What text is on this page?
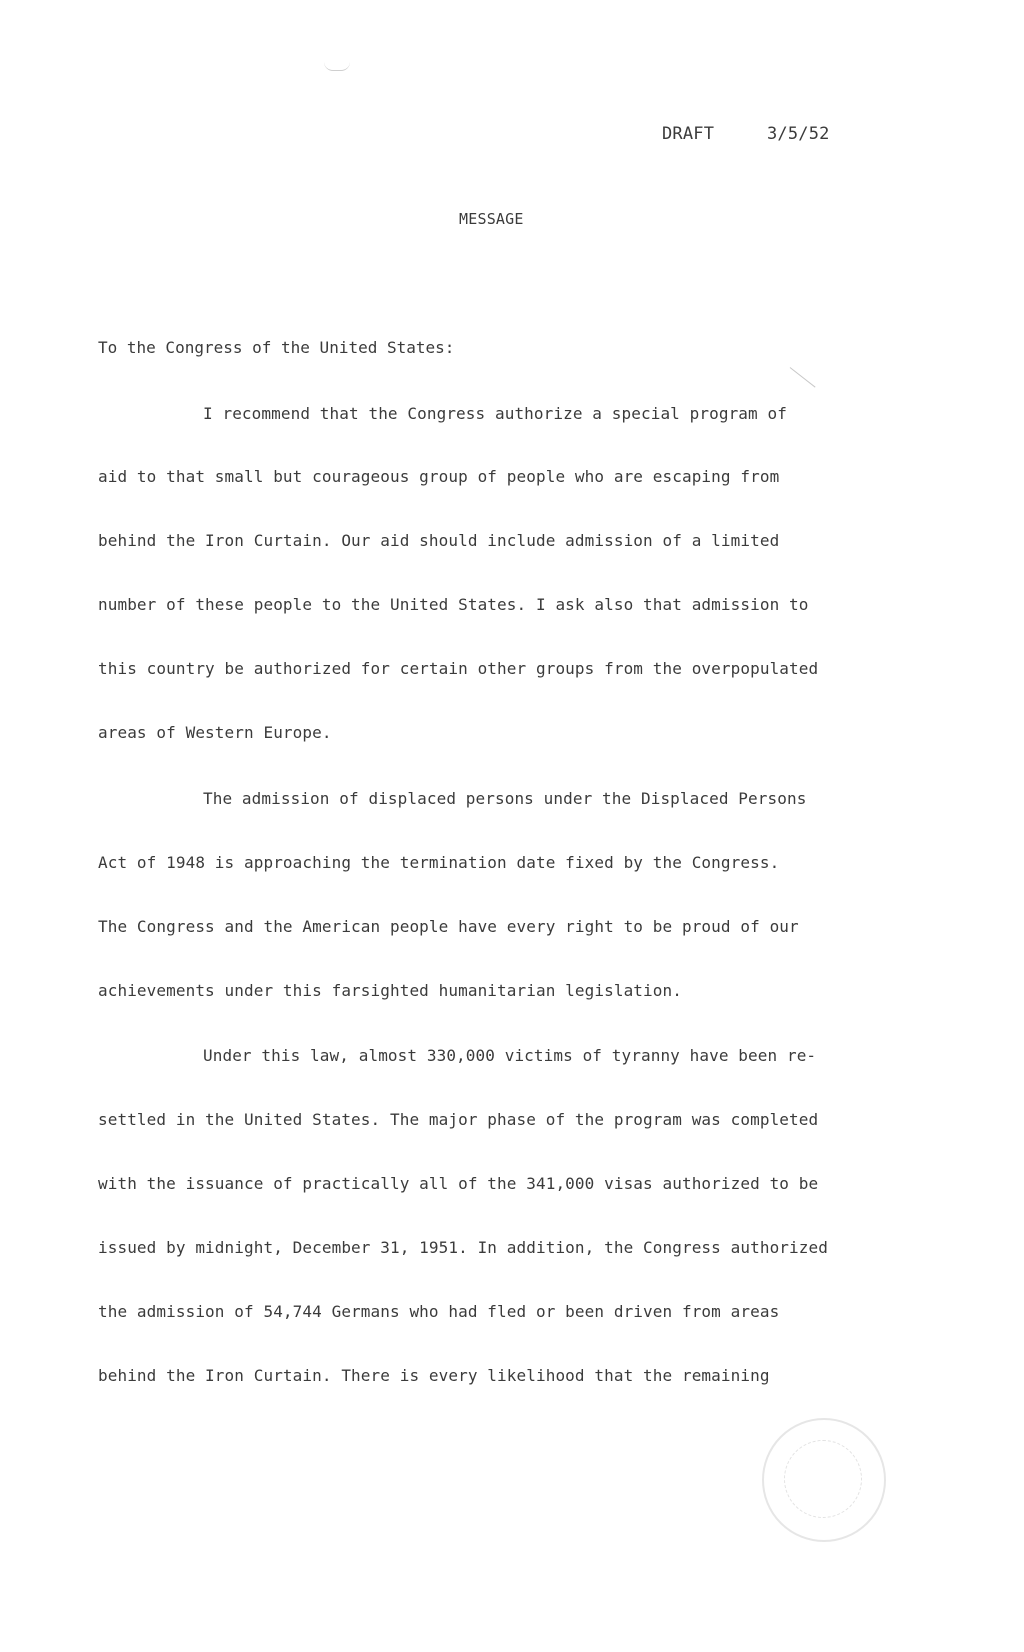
DRAFT	3/5/52
MESSAGE
To the Congress of the United States:
I recommend that the Congress authorize a special program of
aid to that small but courageous group of people who are escaping from
behind the Iron Curtain. Our aid should include admission of a limited
number of these people to the United States. I ask also that admission to
this country be authorized for certain other groups from the overpopulated
areas of Western Europe.
The admission of displaced persons under the Displaced Persons
Act of 1948 is approaching the termination date fixed by the Congress.
The Congress and the American people have every right to be proud of our
achievements under this farsighted humanitarian legislation.
Under this law, almost 330,000 victims of tyranny have been re-
settled in the United States. The major phase of the program was completed
with the issuance of practically all of the 341,000 visas authorized to be
issued by midnight, December 31, 1951. In addition, the Congress authorized
the admission of 54,744 Germans who had fled or been driven from areas
behind the Iron Curtain. There is every likelihood that the remaining
